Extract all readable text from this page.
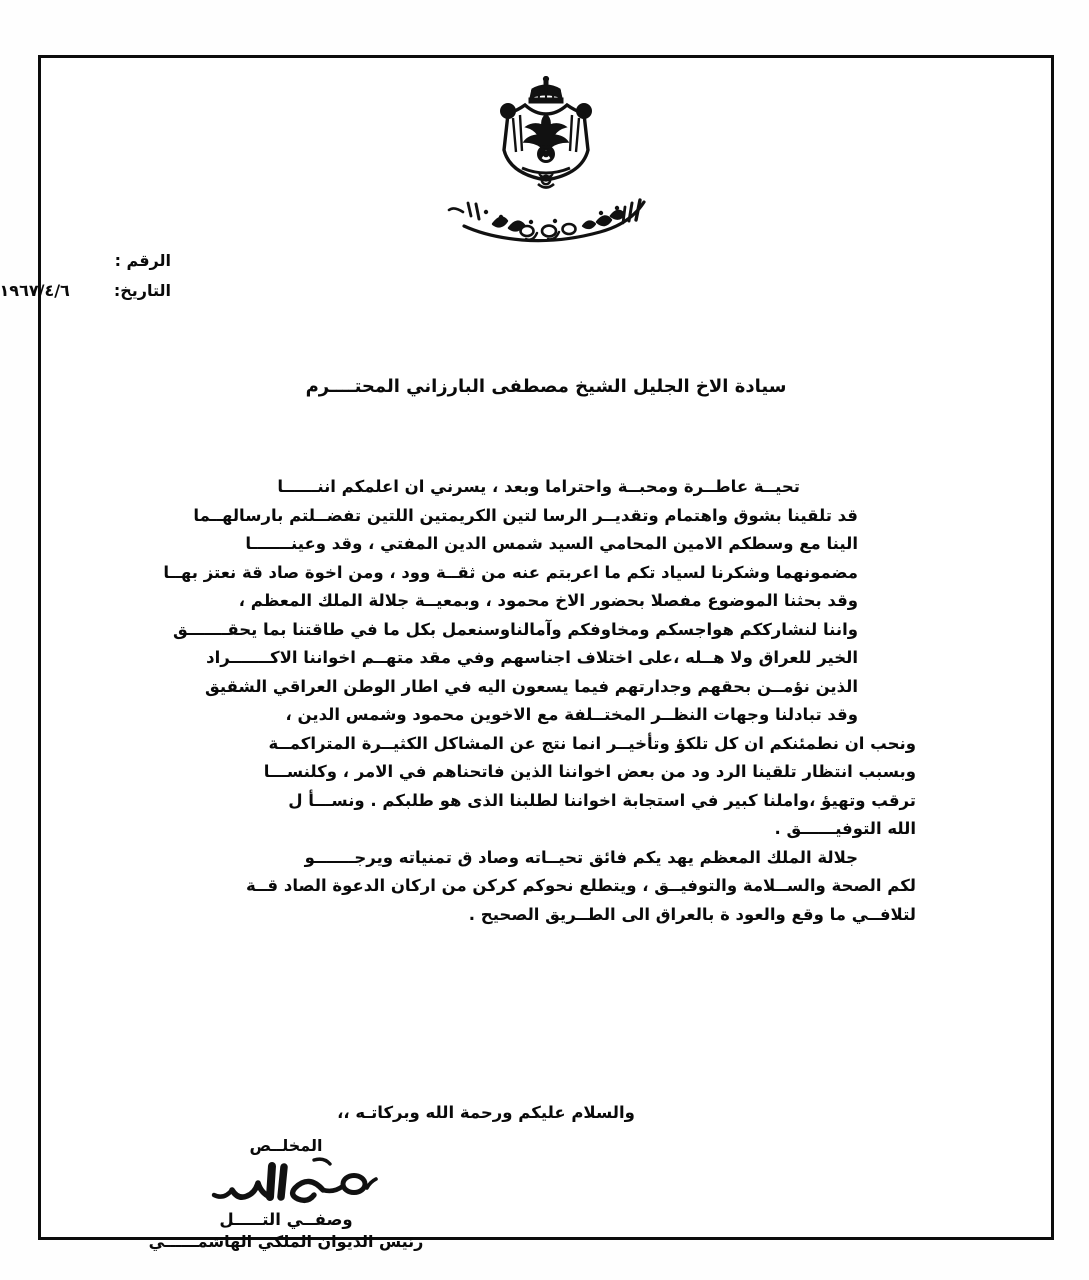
الرقم :
التاريخ:
١٩٦٧/٤/٦
سيادة الاخ الجليل الشيخ مصطفى البارزاني المحتــــرم
تحيــة عاطــرة ومحبــة واحتراما وبعد ، يسرني ان اعلمكم اننــــــا
قد تلقينا بشوق واهتمام وتقديــر الرسا لتين الكريمتين اللتين تفضــلتم بارسالهــما
الينا مع وسطكم الامين المحامي السيد شمس الدين المفتي ، وقد وعينـــــــا
مضمونهما وشكرنا لسياد تكم ما اعربتم عنه من ثقــة وود ، ومن اخوة صاد قة نعتز بهــا
وقد بحثنا الموضوع مفصلا بحضور الاخ محمود ، وبمعيــة جلالة الملك المعظم ،
واننا لنشارككم هواجسكم ومخاوفكم وآمالناوسنعمل بكل ما في طاقتنا بما يحقـــــــق
الخير للعراق ولا هــله ،على اختلاف اجناسهم وفي مقد متهــم اخواننا الاكـــــــراد
الذين نؤمــن بحقهم وجدارتهم فيما يسعون اليه في اطار الوطن العراقي الشقيق
وقد تبادلنا وجهات النظــر المختــلفة مع الاخوين محمود وشمس الدين ،
ونحب ان نطمئنكم ان كل تلكؤ وتأخيــر انما نتج عن المشاكل الكثيــرة المتراكمــة
وبسبب انتظار تلقينا الرد ود من بعض اخواننا الذين فاتحناهم في الامر ، وكلنســـا
ترقب وتهيؤ ،واملنا كبير في استجابة اخواننا لطلبنا الذى هو طلبكم . ونســـأ ل
الله التوفيــــــق .
جلالة الملك المعظم يهد يكم فائق تحيــاته وصاد ق تمنياته ويرجـــــــو
لكم الصحة والســلامة والتوفيــق ، ويتطلع نحوكم كركن من اركان الدعوة الصاد قــة
لتلافــي ما وقع والعود ة بالعراق الى الطــريق الصحيح .
والسلام عليكم ورحمة الله وبركاتـه ،،
المخلــص
وصفــي التـــــل
رئيس الديوان الملكي الهاشمــــــي
